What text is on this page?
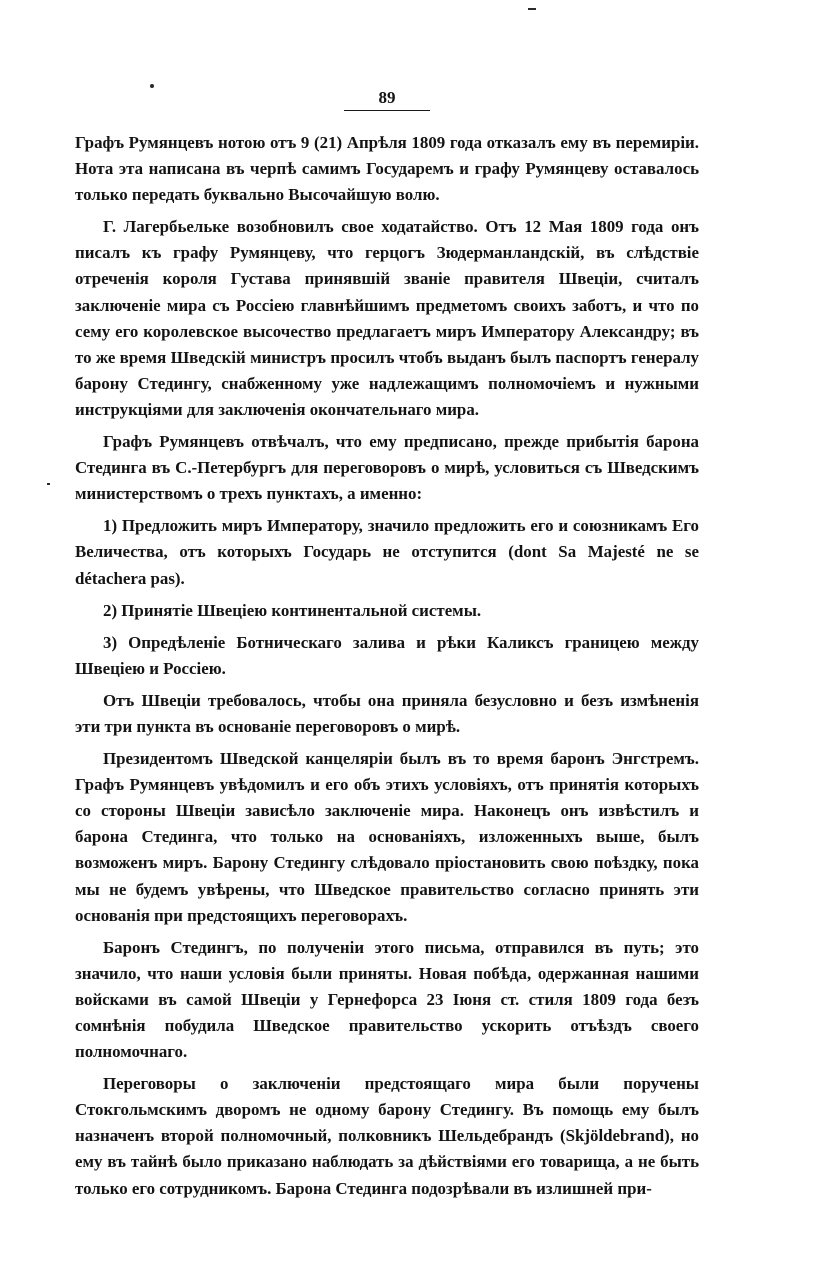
89

Графъ Румянцевъ нотою отъ 9 (21) Апрѣля 1809 года отказалъ ему въ перемиріи. Нота эта написана въ черпѣ самимъ Государемъ и графу Румянцеву оставалось только передать буквально Высочайшую волю.

Г. Лагербьельке возобновилъ свое ходатайство. Отъ 12 Мая 1809 года онъ писалъ къ графу Румянцеву, что герцогъ Зюдерманландскій, въ слѣдствіе отреченія короля Густава принявшій званіе правителя Швеціи, считалъ заключеніе мира съ Россіею главнѣйшимъ предметомъ своихъ заботъ, и что по сему его королевское высочество предлагаетъ миръ Императору Александру; въ то же время Шведскій министръ просилъ чтобъ выданъ былъ паспортъ генералу барону Стедингу, снабженному уже надлежащимъ полномочіемъ и нужными инструкціями для заключенія окончательнаго мира.

Графъ Румянцевъ отвѣчалъ, что ему предписано, прежде прибытія барона Стединга въ С.-Петербургъ для переговоровъ о мирѣ, условиться съ Шведскимъ министерствомъ о трехъ пунктахъ, а именно:

1) Предложить миръ Императору, значило предложить его и союзникамъ Его Величества, отъ которыхъ Государь не отступится (dont Sa Majesté ne se détachera pas).

2) Принятіе Швеціею континентальной системы.

3) Опредѣленіе Ботническаго залива и рѣки Каликсъ границею между Швеціею и Россіею.

Отъ Швеціи требовалось, чтобы она приняла безусловно и безъ измѣненія эти три пункта въ основаніе переговоровъ о мирѣ.

Президентомъ Шведской канцеляріи былъ въ то время баронъ Энгстремъ. Графъ Румянцевъ увѣдомилъ и его объ этихъ условіяхъ, отъ принятія которыхъ со стороны Швеціи зависѣло заключеніе мира. Наконецъ онъ извѣстилъ и барона Стединга, что только на основаніяхъ, изложенныхъ выше, былъ возможенъ миръ. Барону Стедингу слѣдовало пріостановить свою поѣздку, пока мы не будемъ увѣрены, что Шведское правительство согласно принять эти основанія при предстоящихъ переговорахъ.

Баронъ Стедингъ, по полученіи этого письма, отправился въ путь; это значило, что наши условія были приняты. Новая побѣда, одержанная нашими войсками въ самой Швеціи у Гернефорса 23 Іюня ст. стиля 1809 года безъ сомнѣнія побудила Шведское правительство ускорить отъѣздъ своего полномочнаго.

Переговоры о заключеніи предстоящаго мира были поручены Стокгольмскимъ дворомъ не одному барону Стедингу. Въ помощь ему былъ назначенъ второй полномочный, полковникъ Шельдебрандъ (Skjöldebrand), но ему въ тайнѣ было приказано наблюдать за дѣйствіями его товарища, а не быть только его сотрудникомъ. Барона Стединга подозрѣвали въ излишней при-
